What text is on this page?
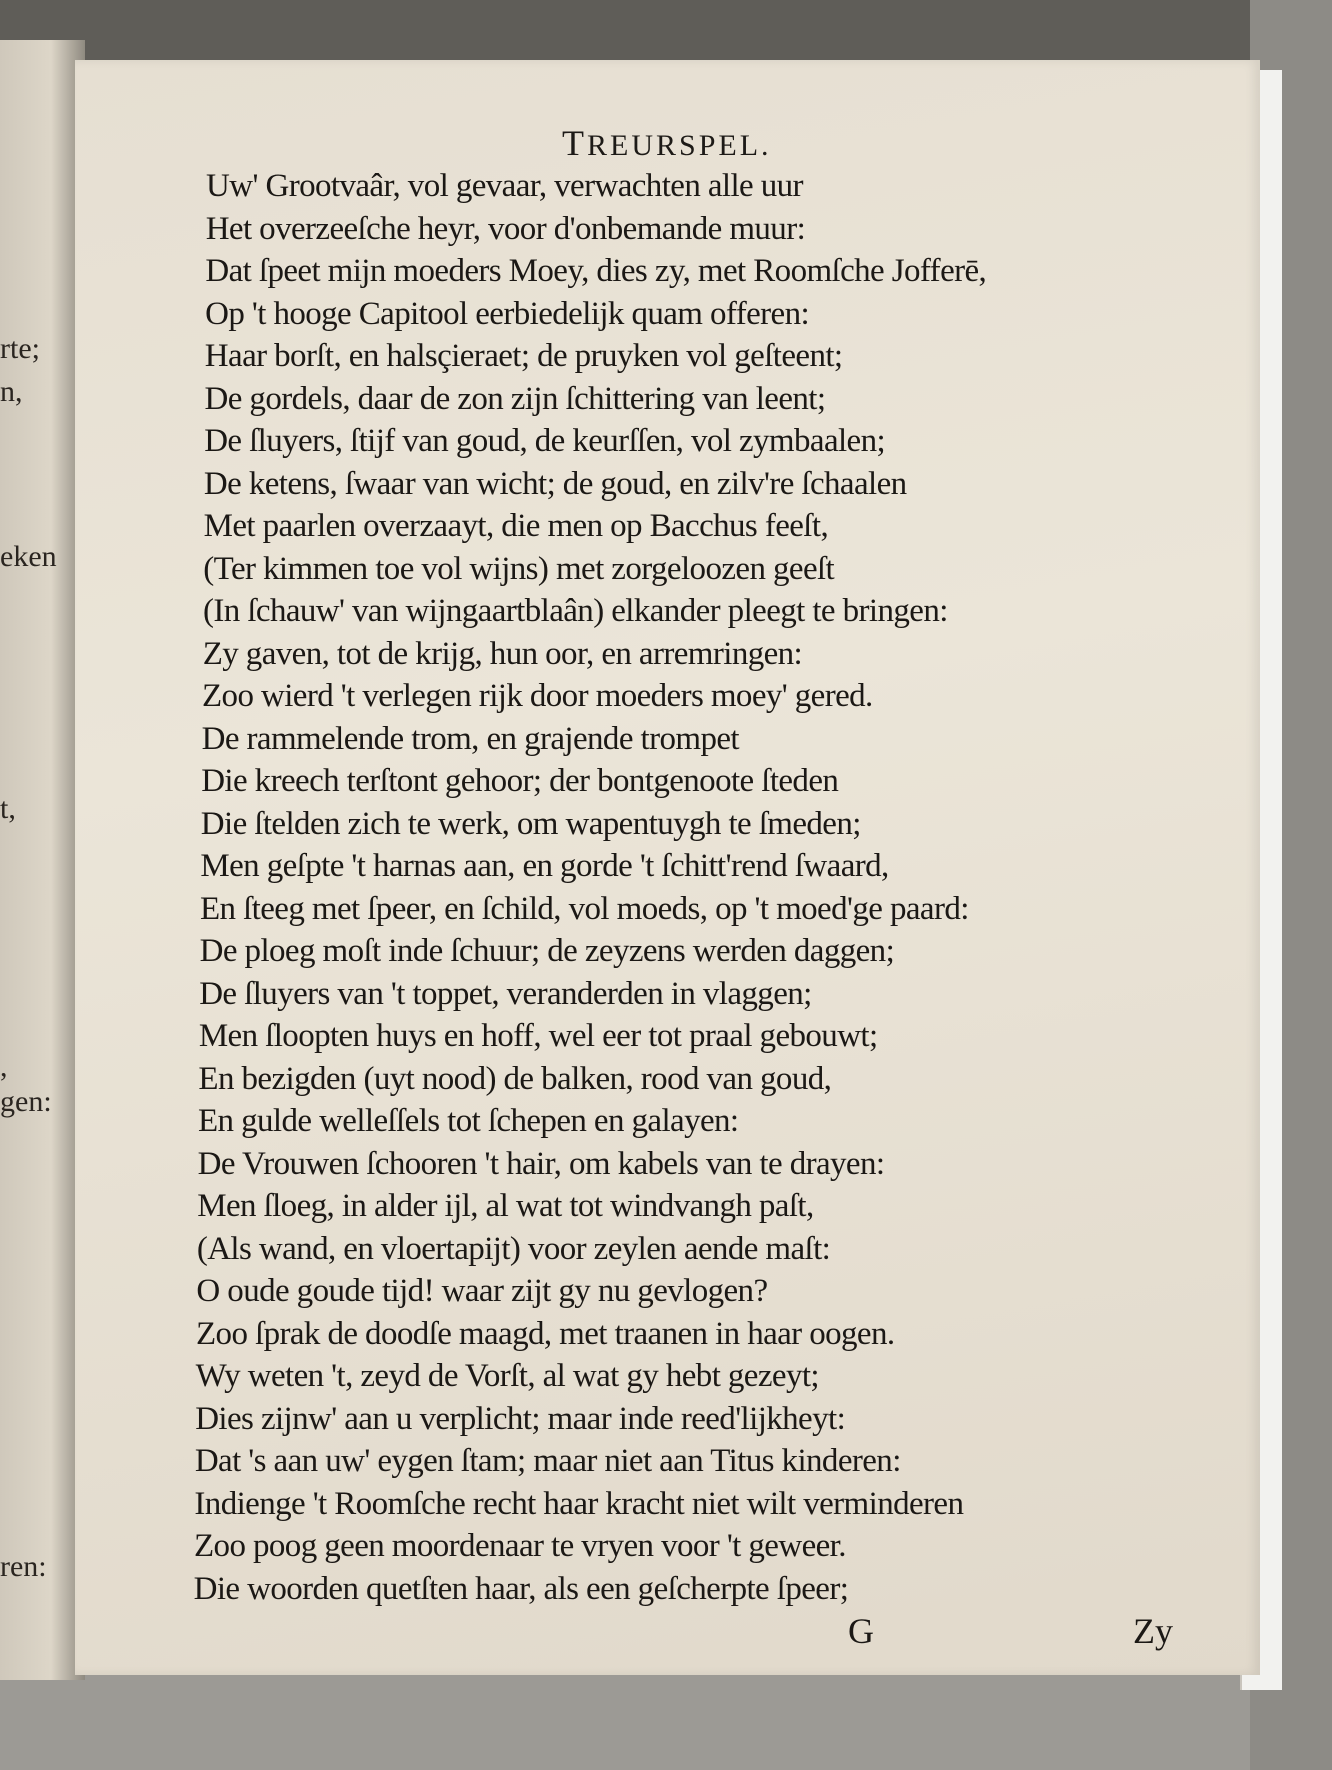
rte;
n,
eken
t,
,
gen:
ren:
TREURSPEL.
Uw' Grootvaâr, vol gevaar, verwachten alle uur
Het overzeeſche heyr, voor d'onbemande muur:
Dat ſpeet mijn moeders Moey, dies zy, met Roomſche Jofferē,
Op 't hooge Capitool eerbiedelijk quam offeren:
Haar borſt, en halsçieraet; de pruyken vol geſteent;
De gordels, daar de zon zijn ſchittering van leent;
De ſluyers, ſtijf van goud, de keurſſen, vol zymbaalen;
De ketens, ſwaar van wicht; de goud, en zilv're ſchaalen
Met paarlen overzaayt, die men op Bacchus feeſt,
(Ter kimmen toe vol wijns) met zorgeloozen geeſt
(In ſchauw' van wijngaartblaân) elkander pleegt te bringen:
Zy gaven, tot de krijg, hun oor, en arremringen:
Zoo wierd 't verlegen rijk door moeders moey' gered.
De rammelende trom, en grajende trompet
Die kreech terſtont gehoor; der bontgenoote ſteden
Die ſtelden zich te werk, om wapentuygh te ſmeden;
Men geſpte 't harnas aan, en gorde 't ſchitt'rend ſwaard,
En ſteeg met ſpeer, en ſchild, vol moeds, op 't moed'ge paard:
De ploeg moſt inde ſchuur; de zeyzens werden daggen;
De ſluyers van 't toppet, veranderden in vlaggen;
Men ſloopten huys en hoff, wel eer tot praal gebouwt;
En bezigden (uyt nood) de balken, rood van goud,
En gulde welleſſels tot ſchepen en galayen:
De Vrouwen ſchooren 't hair, om kabels van te drayen:
Men ſloeg, in alder ijl, al wat tot windvangh paſt,
(Als wand, en vloertapijt) voor zeylen aende maſt:
O oude goude tijd! waar zijt gy nu gevlogen?
Zoo ſprak de doodſe maagd, met traanen in haar oogen.
Wy weten 't, zeyd de Vorſt, al wat gy hebt gezeyt;
Dies zijnw' aan u verplicht; maar inde reed'lijkheyt:
Dat 's aan uw' eygen ſtam; maar niet aan Titus kinderen:
Indienge 't Roomſche recht haar kracht niet wilt verminderen
Zoo poog geen moordenaar te vryen voor 't geweer.
Die woorden quetſten haar, als een geſcherpte ſpeer;
G	Zy
